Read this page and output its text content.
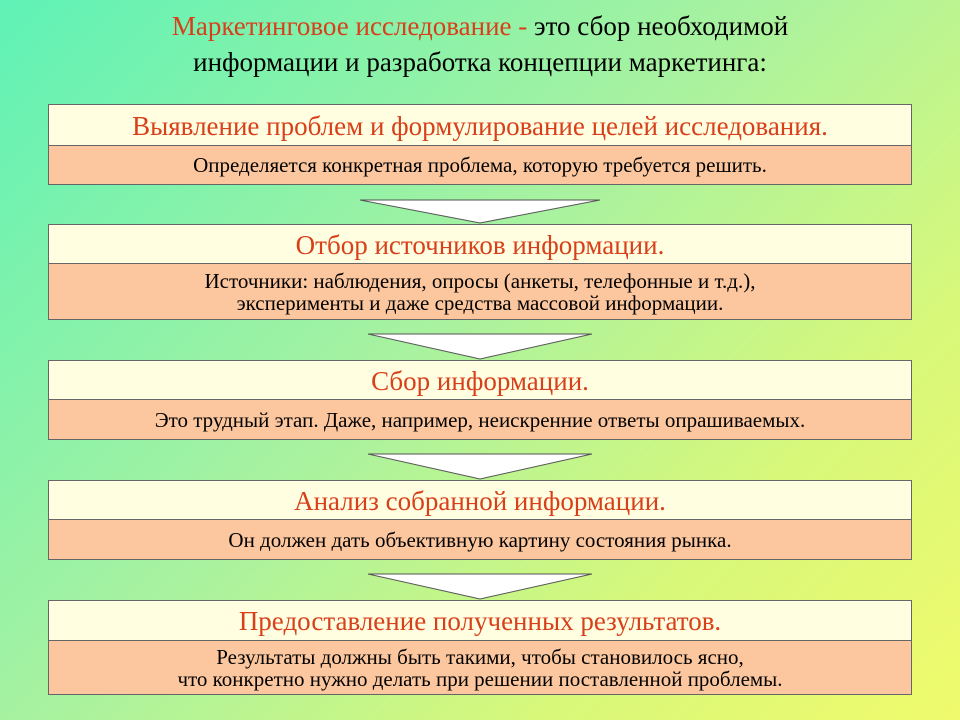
Маркетинговое исследование - это сбор необходимой
информации и разработка концепции маркетинга:
Выявление проблем и формулирование целей исследования.
Определяется конкретная проблема, которую требуется решить.
Отбор источников информации.
Источники: наблюдения, опросы (анкеты, телефонные и т.д.),
эксперименты и даже средства массовой информации.
Сбор информации.
Это трудный этап. Даже, например, неискренние ответы опрашиваемых.
Анализ собранной информации.
Он должен дать объективную картину состояния рынка.
Предоставление полученных результатов.
Результаты должны быть такими, чтобы становилось ясно,
что конкретно нужно делать при решении поставленной проблемы.
